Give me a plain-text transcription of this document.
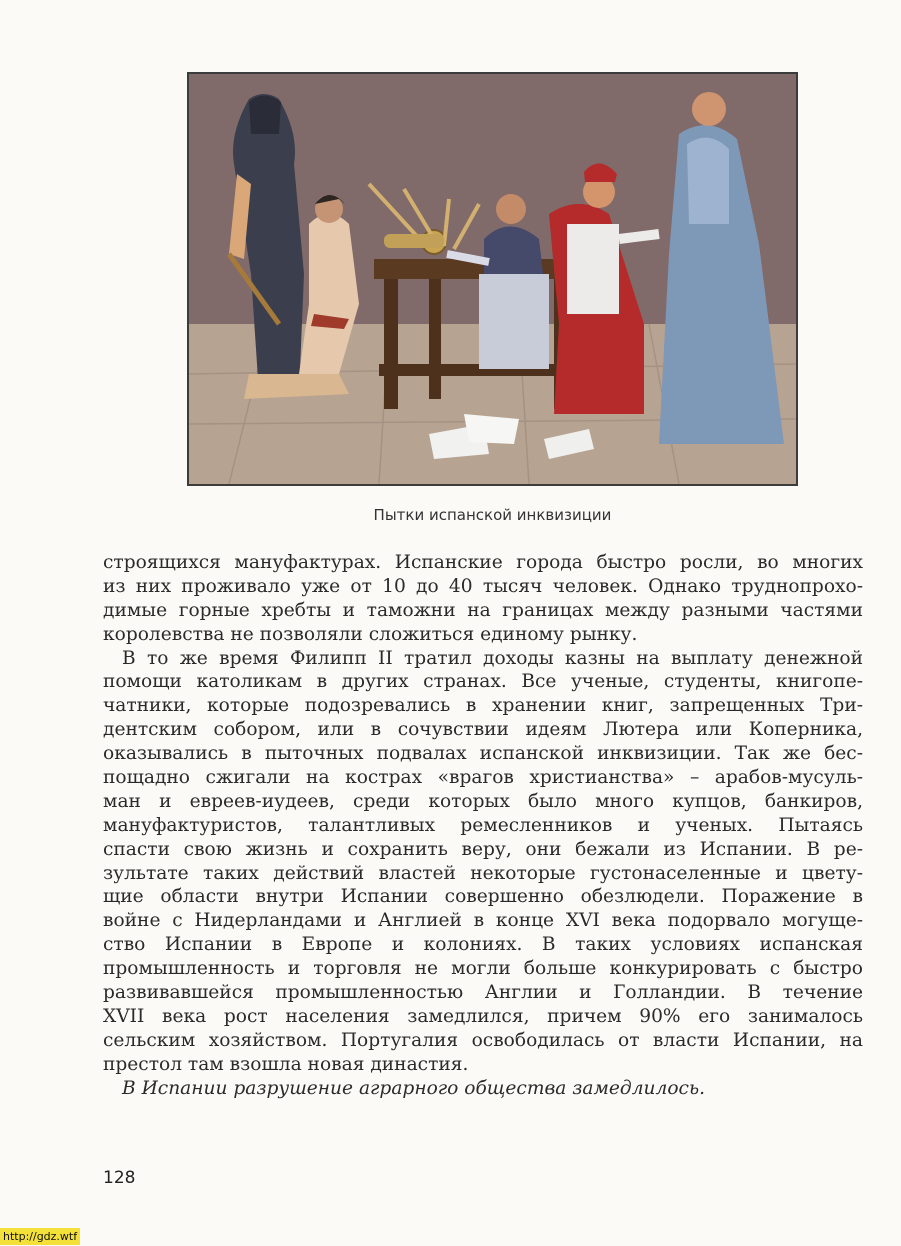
Пытки испанской инквизиции
строящихся мануфактурах. Испанские города быстро росли, во многих
из них проживало уже от 10 до 40 тысяч человек. Однако труднопрохо-
димые горные хребты и таможни на границах между разными частями
королевства не позволяли сложиться единому рынку.
В то же время Филипп II тратил доходы казны на выплату денежной
помощи католикам в других странах. Все ученые, студенты, книгопе-
чатники, которые подозревались в хранении книг, запрещенных Три-
дентским собором, или в сочувствии идеям Лютера или Коперника,
оказывались в пыточных подвалах испанской инквизиции. Так же бес-
пощадно сжигали на кострах «врагов христианства» – арабов-мусуль-
ман и евреев-иудеев, среди которых было много купцов, банкиров,
мануфактуристов, талантливых ремесленников и ученых. Пытаясь
спасти свою жизнь и сохранить веру, они бежали из Испании. В ре-
зультате таких действий властей некоторые густонаселенные и цвету-
щие области внутри Испании совершенно обезлюдели. Поражение в
войне с Нидерландами и Англией в конце XVI века подорвало могуще-
ство Испании в Европе и колониях. В таких условиях испанская
промышленность и торговля не могли больше конкурировать с быстро
развивавшейся промышленностью Англии и Голландии. В течение
XVII века рост населения замедлился, причем 90% его занималось
сельским хозяйством. Португалия освободилась от власти Испании, на
престол там взошла новая династия.
В Испании разрушение аграрного общества замедлилось.
128
http://gdz.wtf
